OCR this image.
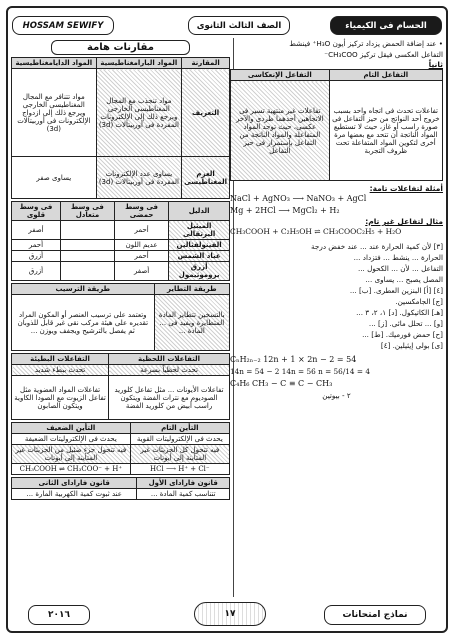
HOSSAM SEWIFY	الصف الثالث الثانوى	الحسام فى الكيمياء
مقارنات هامة
المقارنة	المواد البارامغناطيسية	المواد الدايامغناطيسية
التعريف	مواد تنجذب مع المجال المغناطيسى الخارجى ويرجع ذلك إلى الإلكترونات المفردة فى أوربيتالات (3d)	مواد تتنافر مع المجال المغناطيسى الخارجى ويرجع ذلك إلى ازدواج الإلكترونات فى أوربيتالات (3d)
العزم المغناطيسى	يساوى عدد الإلكترونات المفردة فى أوربيتالات (3d)	يساوى صفر
الدليل	فى وسط حمضى	فى وسط متعادل	فى وسط قلوى
الميثيل البرتقالى	أحمر		أصفر
الفينولفثالين	عديم اللون		أحمر
عباد الشمس	أحمر		أزرق
أزرق بروموثيمول	أصفر		أزرق
طريقة التطاير	طريقة الترسيب
بالتسخين تتطاير المادة المتطايرة ويفيد فى ... المادة ...	وتعتمد على ترسيب العنصر أو المكون المراد تقديره على هيئة مركب نقى غير قابل للذوبان ثم يفصل بالترشيح ويجفف ويوزن ...
التفاعلات اللحظية	التفاعلات البطيئة
تحدث لحظياً بسرعة	تحدث ببطء شديد
تفاعلات الأيونات ... مثل تفاعل كلوريد الصوديوم مع نترات الفضة ويتكون راسب أبيض من كلوريد الفضة	تفاعلات المواد العضوية مثل تفاعل الزيوت مع الصودا الكاوية ويتكون الصابون
التأين التام	التأين الضعيف
يحدث فى الإلكتروليتات القوية	يحدث فى الإلكتروليتات الضعيفة
فيه تتحول كل الجزيئات غير المتأينة إلى أيونات	فيه تتحول جزء ضئيل من الجزيئات غير المتأينة إلى أيونات
HCl ⟶ H⁺ + Cl⁻	CH₃COOH ⇌ CH₃COO⁻ + H⁺
قانون فاراداى الأول	قانون فاراداى الثانى
تتناسب كمية المادة ...	عند ثبوت كمية الكهربية المارة ...
• عند إضافة الحمض يزداد تركيز أيون H₃O⁺ فينشط
التفاعل العكسى فيقل تركيز CH₃COO⁻
ثانياً
التفاعل التام	التفاعل الإنعكاسى
تفاعلات تحدث فى اتجاه واحد بسبب خروج أحد النواتج من حيز التفاعل فى صورة راسب أو غاز، حيث لا تستطيع المواد الناتجة أن تتحد مع بعضها مرة أخرى لتكوين المواد المتفاعلة تحت ظروف التجربة	تفاعلات غير منتهية تسير فى الاتجاهين أحدهما طردى والآخر عكسى، حيث توجد المواد المتفاعلة والمواد الناتجة من التفاعل بإستمرار فى حيز التفاعل
أمثلة لتفاعلات تامة:
NaCl + AgNO₃ ⟶ NaNO₃ + AgCl
Mg + 2HCl ⟶ MgCl₂ + H₂
مثال لتفاعل غير تام:
CH₃COOH + C₂H₅OH ⇌ CH₃COOC₂H₅ + H₂O
[٣] لأن كمية الحرارة عند ... عند خفض درجة
الحرارة ... ينشط ... فتزداد ...
التفاعل ... لأن ... الكحول ...
المصل يصبح ... يساوى ...
[٤] [أ] البنزين العطرى. [ب] ...
[ج] الجامكسين.
[هـ] الكاتيكول. [د] ١، ٢، ٣ ...
[و] ... تحلل مائى. [ز] ...
[ح] حمض فورميك. [ط] ...
[ى] بولى إيثيلين. [٤]
CₙH₂ₙ₋₂ 12n + 1 × 2n − 2 = 54
14n = 54 − 2 14n = 56 n = 56/14 = 4
C₄H₆ CH₃ − C ≡ C − CH₃
٢ - بيوتين
٢٠١٦	١٧	نماذج امتحانات
